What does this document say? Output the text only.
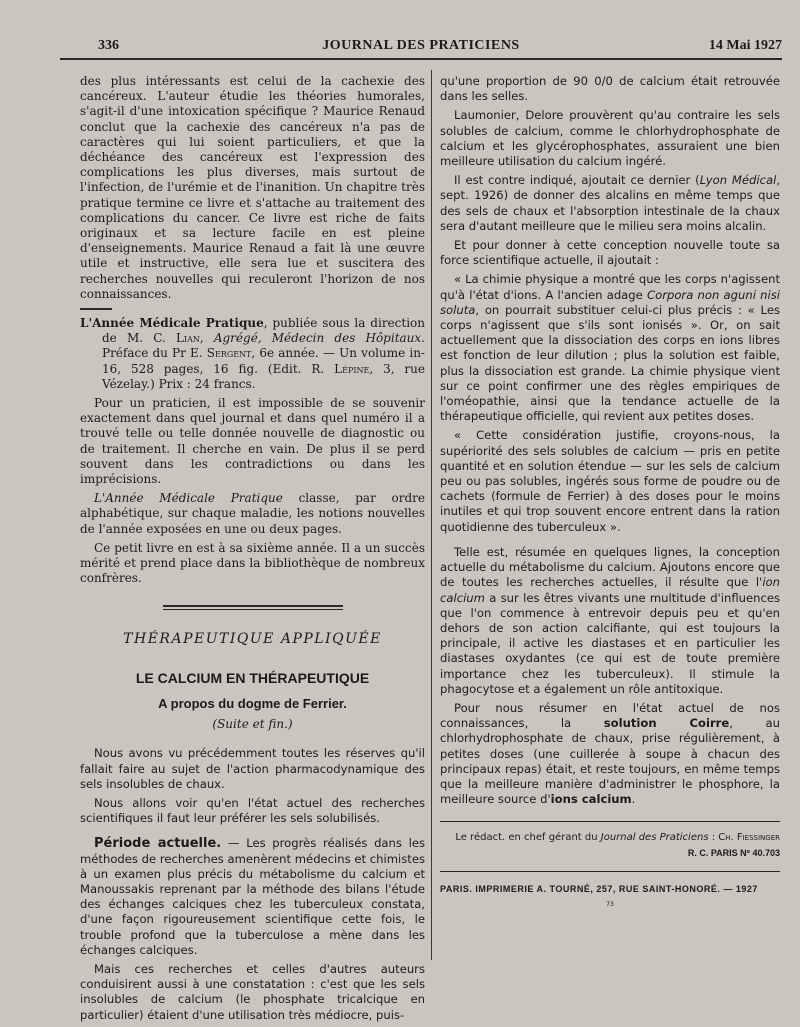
336	JOURNAL DES PRATICIENS	14 Mai 1927

des plus intéressants est celui de la cachexie des cancéreux. L'auteur étudie les théories humorales, s'agit-il d'une intoxication spécifique ? Maurice Renaud conclut que la cachexie des cancéreux n'a pas de caractères qui lui soient particuliers, et que la déchéance des cancéreux est l'expression des complications les plus diverses, mais surtout de l'infection, de l'urémie et de l'inanition. Un chapitre très pratique termine ce livre et s'attache au traitement des complications du cancer. Ce livre est riche de faits originaux et sa lecture facile en est pleine d'enseignements. Maurice Renaud a fait là une œuvre utile et instructive, elle sera lue et suscitera des recherches nouvelles qui reculeront l'horizon de nos connaissances.

L'Année Médicale Pratique, publiée sous la direction de M. C. Lian, Agrégé, Médecin des Hôpitaux. Préface du Pr E. Sergent, 6e année. — Un volume in-16, 528 pages, 16 fig. (Edit. R. Lépine, 3, rue Vézelay.) Prix : 24 francs.

Pour un praticien, il est impossible de se souvenir exactement dans quel journal et dans quel numéro il a trouvé telle ou telle donnée nouvelle de diagnostic ou de traitement. Il cherche en vain. De plus il se perd souvent dans les contradictions ou dans les imprécisions.

L'Année Médicale Pratique classe, par ordre alphabétique, sur chaque maladie, les notions nouvelles de l'année exposées en une ou deux pages.

Ce petit livre en est à sa sixième année. Il a un succès mérité et prend place dans la bibliothèque de nombreux confrères.

THÉRAPEUTIQUE APPLIQUÉE
LE CALCIUM EN THÉRAPEUTIQUE
A propos du dogme de Ferrier.
(Suite et fin.)

Nous avons vu précédemment toutes les réserves qu'il fallait faire au sujet de l'action pharmacodynamique des sels insolubles de chaux.

Nous allons voir qu'en l'état actuel des recherches scientifiques il faut leur préférer les sels solubilisés.

Période actuelle. — Les progrès réalisés dans les méthodes de recherches amenèrent médecins et chimistes à un examen plus précis du métabolisme du calcium et Manoussakis reprenant par la méthode des bilans l'étude des échanges calciques chez les tuberculeux constata, d'une façon rigoureusement scientifique cette fois, le trouble profond que la tuberculose a mène dans les échanges calciques.

Mais ces recherches et celles d'autres auteurs conduisirent aussi à une constatation : c'est que les sels insolubles de calcium (le phosphate tricalcique en particulier) étaient d'une utilisation très médiocre, puis-

qu'une proportion de 90 0/0 de calcium était retrouvée dans les selles.

Laumonier, Delore prouvèrent qu'au contraire les sels solubles de calcium, comme le chlorhydrophosphate de calcium et les glycérophosphates, assuraient une bien meilleure utilisation du calcium ingéré.

Il est contre indiqué, ajoutait ce dernier (Lyon Médical, sept. 1926) de donner des alcalins en même temps que des sels de chaux et l'absorption intestinale de la chaux sera d'autant meilleure que le milieu sera moins alcalin.

Et pour donner à cette conception nouvelle toute sa force scientifique actuelle, il ajoutait :

« La chimie physique a montré que les corps n'agissent qu'à l'état d'ions. A l'ancien adage Corpora non aguni nisi soluta, on pourrait substituer celui-ci plus précis : « Les corps n'agissent que s'ils sont ionisés ». Or, on sait actuellement que la dissociation des corps en ions libres est fonction de leur dilution ; plus la solution est faible, plus la dissociation est grande. La chimie physique vient sur ce point confirmer une des règles empiriques de l'oméopathie, ainsi que la tendance actuelle de la thérapeutique officielle, qui revient aux petites doses.

« Cette considération justifie, croyons-nous, la supériorité des sels solubles de calcium — pris en petite quantité et en solution étendue — sur les sels de calcium peu ou pas solubles, ingérés sous forme de poudre ou de cachets (formule de Ferrier) à des doses pour le moins inutiles et qui trop souvent encore entrent dans la ration quotidienne des tuberculeux ».

Telle est, résumée en quelques lignes, la conception actuelle du métabolisme du calcium. Ajoutons encore que de toutes les recherches actuelles, il résulte que l'ion calcium a sur les êtres vivants une multitude d'influences que l'on commence à entrevoir depuis peu et qu'en dehors de son action calcifiante, qui est toujours la principale, il active les diastases et en particulier les diastases oxydantes (ce qui est de toute première importance chez les tuberculeux). Il stimule la phagocytose et a également un rôle antitoxique.

Pour nous résumer en l'état actuel de nos connaissances, la solution Coirre, au chlorhydrophosphate de chaux, prise régulièrement, à petites doses (une cuillerée à soupe à chacun des principaux repas) était, et reste toujours, en même temps que la meilleure manière d'administrer le phosphore, la meilleure source d'ions calcium.

Le rédact. en chef gérant du Journal des Praticiens : Ch. Fiessinger

R. C. PARIS Nº 40.703

PARIS. IMPRIMERIE A. TOURNÉ, 257, RUE SAINT-HONORÉ. — 1927
73
